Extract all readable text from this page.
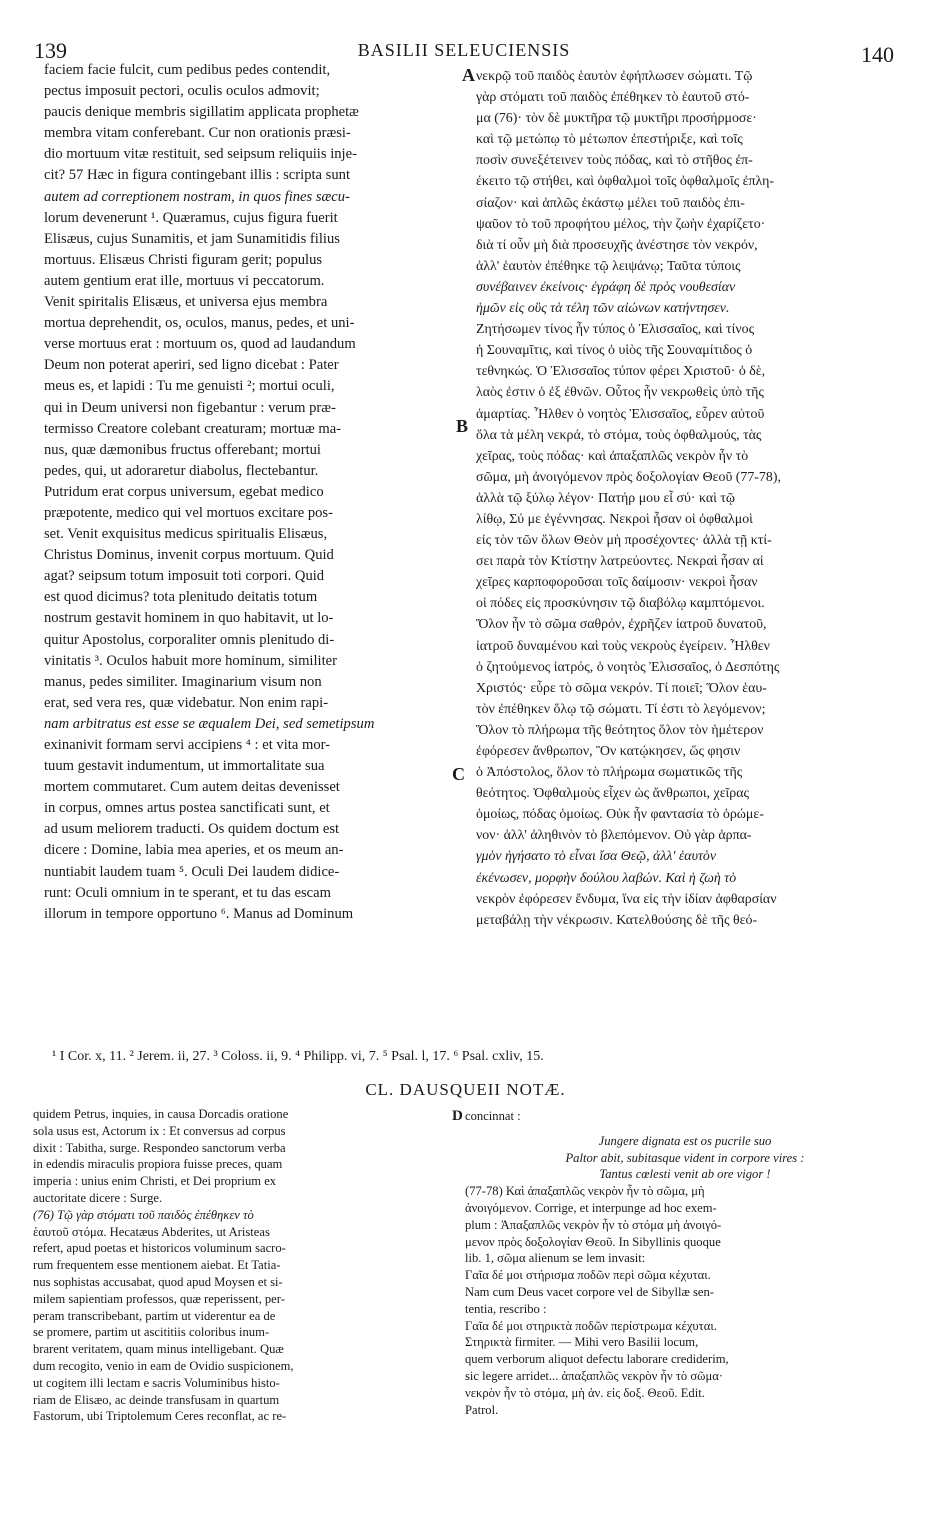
139	BASILII SELEUCIENSIS	140
A
B
C
D
faciem facie fulcit, cum pedibus pedes contendit,
pectus imposuit pectori, oculis oculos admovit;
paucis denique membris sigillatim applicata prophetæ
membra vitam conferebant. Cur non orationis præsi-
dio mortuum vitæ restituit, sed seipsum reliquiis inje-
cit? 57 Hæc in figura contingebant illis : scripta sunt
autem ad correptionem nostram, in quos fines sæcu-
lorum devenerunt ¹. Quæramus, cujus figura fuerit
Elisæus, cujus Sunamitis, et jam Sunamitidis filius
mortuus. Elisæus Christi figuram gerit; populus
autem gentium erat ille, mortuus vi peccatorum.
Venit spiritalis Elisæus, et universa ejus membra
mortua deprehendit, os, oculos, manus, pedes, et uni-
verse mortuus erat : mortuum os, quod ad laudandum
Deum non poterat aperiri, sed ligno dicebat : Pater
meus es, et lapidi : Tu me genuisti ²; mortui oculi,
qui in Deum universi non figebantur : verum præ-
termisso Creatore colebant creaturam; mortuæ ma-
nus, quæ dæmonibus fructus offerebant; mortui
pedes, qui, ut adoraretur diabolus, flectebantur.
Putridum erat corpus universum, egebat medico
præpotente, medico qui vel mortuos excitare pos-
set. Venit exquisitus medicus spiritualis Elisæus,
Christus Dominus, invenit corpus mortuum. Quid
agat? seipsum totum imposuit toti corpori. Quid
est quod dicimus? tota plenitudo deitatis totum
nostrum gestavit hominem in quo habitavit, ut lo-
quitur Apostolus, corporaliter omnis plenitudo di-
vinitatis ³. Oculos habuit more hominum, similiter
manus, pedes similiter. Imaginarium visum non
erat, sed vera res, quæ videbatur. Non enim rapi-
nam arbitratus est esse se æqualem Dei, sed semetipsum
exinanivit formam servi accipiens ⁴ : et vita mor-
tuum gestavit indumentum, ut immortalitate sua
mortem commutaret. Cum autem deitas devenisset
in corpus, omnes artus postea sanctificati sunt, et
ad usum meliorem traducti. Os quidem doctum est
dicere : Domine, labia mea aperies, et os meum an-
nuntiabit laudem tuam ⁵. Oculi Dei laudem didice-
runt: Oculi omnium in te sperant, et tu das escam
illorum in tempore opportuno ⁶. Manus ad Dominum
νεκρῷ τοῦ παιδὸς ἑαυτὸν ἐφήπλωσεν σώματι. Τῷ
γὰρ στόματι τοῦ παιδὸς ἐπέθηκεν τὸ ἑαυτοῦ στό-
μα (76)· τὸν δὲ μυκτῆρα τῷ μυκτῆρι προσήρμοσε·
καὶ τῷ μετώπῳ τὸ μέτωπον ἐπεστήριξε, καὶ τοῖς
ποσὶν συνεξέτεινεν τοὺς πόδας, καὶ τὸ στῆθος ἐπ-
έκειτο τῷ στήθει, καὶ ὀφθαλμοὶ τοῖς ὀφθαλμοῖς ἐπλη-
σίαζον· καὶ ἁπλῶς ἑκάστῳ μέλει τοῦ παιδὸς ἐπι-
ψαῦον τὸ τοῦ προφήτου μέλος, τὴν ζωὴν ἐχαρίζετο·
διὰ τί οὖν μὴ διὰ προσευχῆς ἀνέστησε τὸν νεκρόν,
ἀλλ' ἑαυτὸν ἐπέθηκε τῷ λειψάνῳ; Ταῦτα τύποις
συνέβαινεν ἐκείνοις· ἐγράφη δὲ πρὸς νουθεσίαν
ἡμῶν εἰς οὓς τὰ τέλη τῶν αἰώνων κατήντησεν.
Ζητήσωμεν τίνος ἦν τύπος ὁ Ἐλισσαῖος, καὶ τίνος
ἡ Σουναμῖτις, καὶ τίνος ὁ υἱὸς τῆς Σουναμίτιδος ὁ
τεθνηκώς. Ὁ Ἐλισσαῖος τύπον φέρει Χριστοῦ· ὁ δὲ,
λαὸς ἐστιν ὁ ἐξ ἐθνῶν. Οὗτος ἦν νεκρωθεὶς ὑπὸ τῆς
ἁμαρτίας. Ἦλθεν ὁ νοητὸς Ἐλισσαῖος, εὗρεν αὐτοῦ
ὅλα τὰ μέλη νεκρά, τὸ στόμα, τοὺς ὀφθαλμούς, τὰς
χεῖρας, τοὺς πόδας· καὶ ἀπαξαπλῶς νεκρὸν ἦν τὸ
σῶμα, μὴ ἀνοιγόμενον πρὸς δοξολογίαν Θεοῦ (77-78),
ἀλλὰ τῷ ξύλῳ λέγον· Πατήρ μου εἶ σύ· καὶ τῷ
λίθῳ, Σύ με ἐγέννησας. Νεκροὶ ἦσαν οἱ ὀφθαλμοὶ
εἰς τὸν τῶν ὅλων Θεὸν μὴ προσέχοντες· ἀλλὰ τῇ κτί-
σει παρὰ τὸν Κτίστην λατρεύοντες. Νεκραὶ ἦσαν αἱ
χεῖρες καρποφοροῦσαι τοῖς δαίμοσιν· νεκροὶ ἦσαν
οἱ πόδες εἰς προσκύνησιν τῷ διαβόλῳ καμπτόμενοι.
Ὅλον ἦν τὸ σῶμα σαθρόν, ἐχρῆζεν ἰατροῦ δυνατοῦ,
ἰατροῦ δυναμένου καὶ τοὺς νεκροὺς ἐγείρειν. Ἦλθεν
ὁ ζητούμενος ἰατρός, ὁ νοητὸς Ἐλισσαῖος, ὁ Δεσπότης
Χριστός· εὗρε τὸ σῶμα νεκρόν. Τί ποιεῖ; Ὅλον ἑαυ-
τὸν ἐπέθηκεν ὅλῳ τῷ σώματι. Τί ἐστι τὸ λεγόμενον;
Ὅλον τὸ πλήρωμα τῆς θεότητος ὅλον τὸν ἡμέτερον
ἐφόρεσεν ἄνθρωπον, Ὃν κατῴκησεν, ὥς φησιν
ὁ Ἀπόστολος, ὅλον τὸ πλήρωμα σωματικῶς τῆς
θεότητος. Ὀφθαλμοὺς εἶχεν ὡς ἄνθρωποι, χεῖρας
ὁμοίως, πόδας ὁμοίως. Οὐκ ἦν φαντασία τὸ ὁρώμε-
νον· ἀλλ' ἀληθινὸν τὸ βλεπόμενον. Οὐ γὰρ ἁρπα-
γμὸν ἡγήσατο τὸ εἶναι ἴσα Θεῷ, ἀλλ' ἑαυτὸν
ἐκένωσεν, μορφὴν δούλου λαβών. Καὶ ἡ ζωὴ τὸ
νεκρὸν ἐφόρεσεν ἔνδυμα, ἵνα εἰς τὴν ἰδίαν ἀφθαρσίαν
μεταβάλῃ τὴν νέκρωσιν. Κατελθούσης δὲ τῆς θεό-
¹ I Cor. x, 11. ² Jerem. ii, 27. ³ Coloss. ii, 9. ⁴ Philipp. vi, 7. ⁵ Psal. l, 17. ⁶ Psal. cxliv, 15.
CL. DAUSQUEII NOTÆ.
quidem Petrus, inquies, in causa Dorcadis oratione
sola usus est, Actorum ix : Et conversus ad corpus
dixit : Tabitha, surge. Respondeo sanctorum verba
in edendis miraculis propiora fuisse preces, quam
imperia : unius enim Christi, et Dei proprium ex
auctoritate dicere : Surge.
(76) Τῷ γὰρ στόματι τοῦ παιδὸς ἐπέθηκεν τὸ
ἑαυτοῦ στόμα. Hecatæus Abderites, ut Aristeas
refert, apud poetas et historicos voluminum sacro-
rum frequentem esse mentionem aiebat. Et Tatia-
nus sophistas accusabat, quod apud Moysen et si-
milem sapientiam professos, quæ reperissent, per-
peram transcribebant, partim ut viderentur ea de
se promere, partim ut ascititiis coloribus inum-
brarent veritatem, quam minus intelligebant. Quæ
dum recogito, venio in eam de Ovidio suspicionem,
ut cogitem illi lectam e sacris Voluminibus histo-
riam de Elisæo, ac deinde transfusam in quartum
Fastorum, ubi Triptolemum Ceres reconflat, ac re-
concinnat :
Jungere dignata est os pucrile suo
Paltor abit, subitasque vident in corpore vires :
Tantus cœlesti venit ab ore vigor !
(77-78) Καὶ ἀπαξαπλῶς νεκρὸν ἦν τὸ σῶμα, μὴ
ἀνοιγόμενον. Corrige, et interpunge ad hoc exem-
plum : Ἀπαξαπλῶς νεκρὸν ἦν τὸ στόμα μὴ ἀνοιγό-
μενον πρὸς δοξολογίαν Θεοῦ. In Sibyllinis quoque
lib. 1, σῶμα alienum se lem invasit:
Γαῖα δέ μοι στήρισμα ποδῶν περὶ σῶμα κέχυται.
Nam cum Deus vacet corpore vel de Sibyllæ sen-
tentia, rescribo :
Γαῖα δέ μοι στηρικτὰ ποδῶν περίστρωμα κέχυται.
Στηρικτὰ firmiter. — Mihi vero Basilii locum,
quem verborum aliquot defectu laborare crediderim,
sic legere arridet... ἀπαξαπλῶς νεκρὸν ἦν τὸ σῶμα·
νεκρὸν ἦν τὸ στόμα, μὴ ἀν. εἰς δοξ. Θεοῦ. Edit.
Patrol.
